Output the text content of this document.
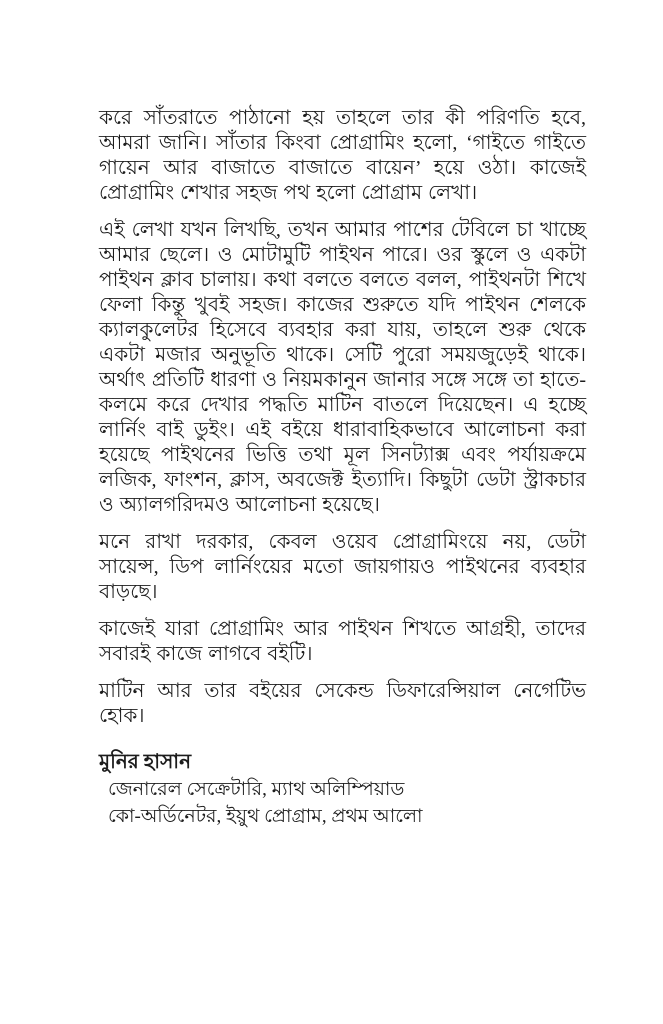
করে সাঁতরাতে পাঠানো হয় তাহলে তার কী পরিণতি হবে, আমরা জানি। সাঁতার কিংবা প্রোগ্রামিং হলো, ‘গাইতে গাইতে গায়েন আর বাজাতে বাজাতে বায়েন’ হয়ে ওঠা। কাজেই প্রোগ্রামিং শেখার সহজ পথ হলো প্রোগ্রাম লেখা।

এই লেখা যখন লিখছি, তখন আমার পাশের টেবিলে চা খাচ্ছে আমার ছেলে। ও মোটামুটি পাইথন পারে। ওর স্কুলে ও একটা পাইথন ক্লাব চালায়। কথা বলতে বলতে বলল, পাইথনটা শিখে ফেলা কিন্তু খুবই সহজ। কাজের শুরুতে যদি পাইথন শেলকে ক্যালকুলেটর হিসেবে ব্যবহার করা যায়, তাহলে শুরু থেকে একটা মজার অনুভূতি থাকে। সেটি পুরো সময়জুড়েই থাকে। অর্থাৎ প্রতিটি ধারণা ও নিয়মকানুন জানার সঙ্গে সঙ্গে তা হাতে-কলমে করে দেখার পদ্ধতি মাটিন বাতলে দিয়েছেন। এ হচ্ছে লার্নিং বাই ডুইং। এই বইয়ে ধারাবাহিকভাবে আলোচনা করা হয়েছে পাইথনের ভিত্তি তথা মূল সিনট্যাক্স এবং পর্যায়ক্রমে লজিক, ফাংশন, ক্লাস, অবজেক্ট ইত্যাদি। কিছুটা ডেটা স্ট্রাকচার ও অ্যালগরিদমও আলোচনা হয়েছে।

মনে রাখা দরকার, কেবল ওয়েব প্রোগ্রামিংয়ে নয়, ডেটা সায়েন্স, ডিপ লার্নিংয়ের মতো জায়গায়ও পাইথনের ব্যবহার বাড়ছে।

কাজেই যারা প্রোগ্রামিং আর পাইথন শিখতে আগ্রহী, তাদের সবারই কাজে লাগবে বইটি।

মাটিন আর তার বইয়ের সেকেন্ড ডিফারেন্সিয়াল নেগেটিভ হোক।

মুনির হাসান

জেনারেল সেক্রেটারি, ম্যাথ অলিম্পিয়াড

কো-অর্ডিনেটর, ইয়ুথ প্রোগ্রাম, প্রথম আলো
